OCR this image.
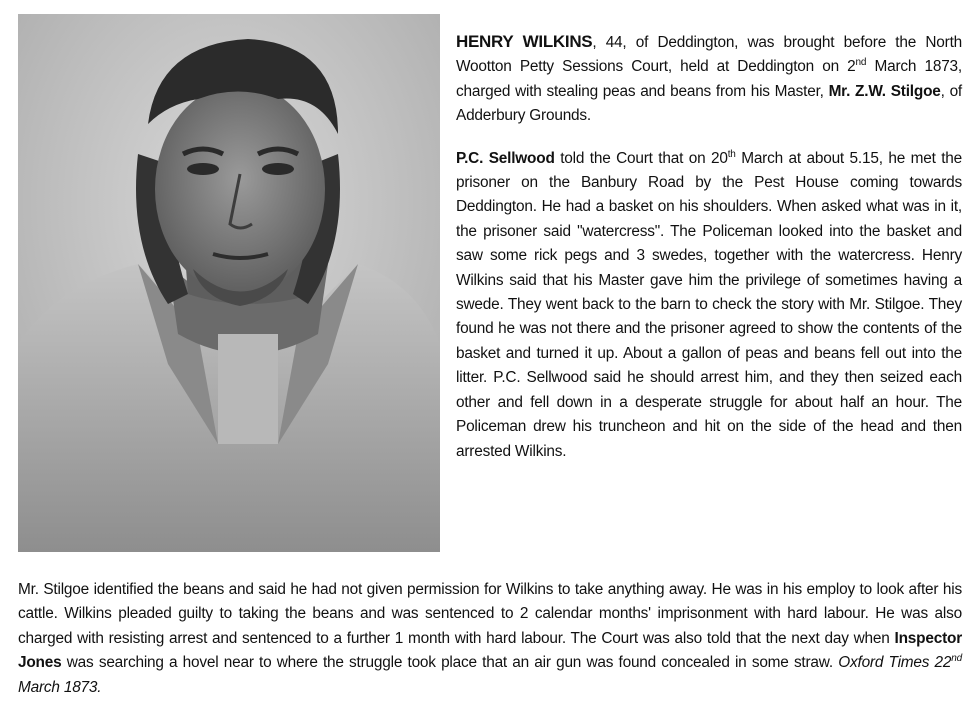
HENRY WILKINS, 44, of Deddington, was brought before the North Wootton Petty Sessions Court, held at Deddington on 2nd March 1873, charged with stealing peas and beans from his Master, Mr. Z.W. Stilgoe, of Adderbury Grounds.

P.C. Sellwood told the Court that on 20th March at about 5.15, he met the prisoner on the Banbury Road by the Pest House coming towards Deddington. He had a basket on his shoulders. When asked what was in it, the prisoner said "watercress". The Policeman looked into the basket and saw some rick pegs and 3 swedes, together with the watercress. Henry Wilkins said that his Master gave him the privilege of sometimes having a swede. They went back to the barn to check the story with Mr. Stilgoe. They found he was not there and the prisoner agreed to show the contents of the basket and turned it up. About a gallon of peas and beans fell out into the litter. P.C. Sellwood said he should arrest him, and they then seized each other and fell down in a desperate struggle for about half an hour. The Policeman drew his truncheon and hit on the side of the head and then arrested Wilkins.

Mr. Stilgoe identified the beans and said he had not given permission for Wilkins to take anything away. He was in his employ to look after his cattle. Wilkins pleaded guilty to taking the beans and was sentenced to 2 calendar months' imprisonment with hard labour. He was also charged with resisting arrest and sentenced to a further 1 month with hard labour. The Court was also told that the next day when Inspector Jones was searching a hovel near to where the struggle took place that an air gun was found concealed in some straw. Oxford Times 22nd March 1873.
